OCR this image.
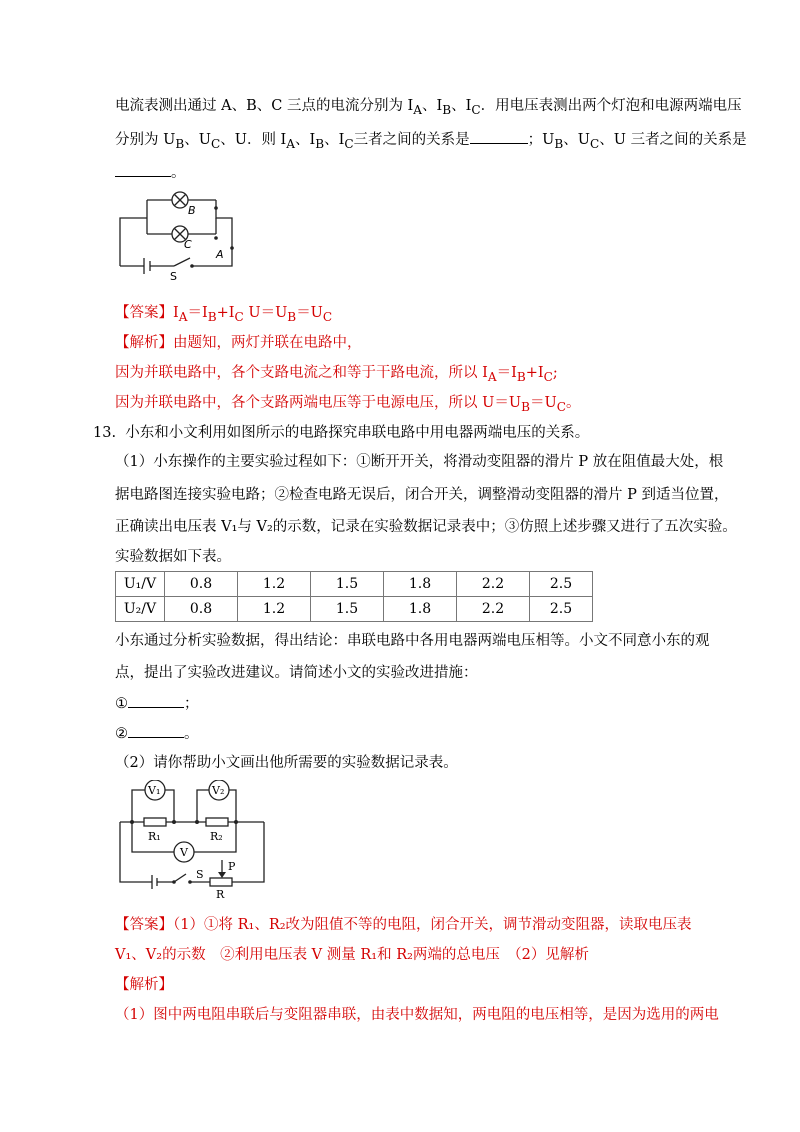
电流表测出通过 A、B、C 三点的电流分别为 $I_A$、$I_B$、$I_C$．用电压表测出两个灯泡和电源两端电压
分别为 $U_B$、$U_C$、U．则 $I_A$、$I_B$、$I_C$三者之间的关系是	；$U_B$、$U_C$、U 三者之间的关系是
。
B
C
A
S
【答案】$I_A=I_B+I_C$ $U=U_B=U_C$
【解析】由题知，两灯并联在电路中，
因为并联电路中，各个支路电流之和等于干路电流，所以 $I_A=I_B+I_C$;
因为并联电路中，各个支路两端电压等于电源电压，所以 $U=U_B=U_C$。
13. 小东和小文利用如图所示的电路探究串联电路中用电器两端电压的关系。
（1）小东操作的主要实验过程如下：①断开开关，将滑动变阻器的滑片 P 放在阻值最大处，根
据电路图连接实验电路；②检查电路无误后，闭合开关，调整滑动变阻器的滑片 P 到适当位置，
正确读出电压表 V₁与 V₂的示数，记录在实验数据记录表中；③仿照上述步骤又进行了五次实验。
实验数据如下表。
U₁/V	0.8	1.2	1.5	1.8	2.2	2.5
U₂/V	0.8	1.2	1.5	1.8	2.2	2.5
小东通过分析实验数据，得出结论：串联电路中各用电器两端电压相等。小文不同意小东的观
点，提出了实验改进建议。请简述小文的实验改进措施：
①	；
②	。
（2）请你帮助小文画出他所需要的实验数据记录表。
V₁	V₂
R₁	R₂
V
S
P
R
【答案】（1）①将 R₁、R₂改为阻值不等的电阻，闭合开关，调节滑动变阻器，读取电压表
V₁、V₂的示数　②利用电压表 V 测量 R₁和 R₂两端的总电压　（2）见解析
【解析】
（1）图中两电阻串联后与变阻器串联，由表中数据知，两电阻的电压相等，是因为选用的两电
